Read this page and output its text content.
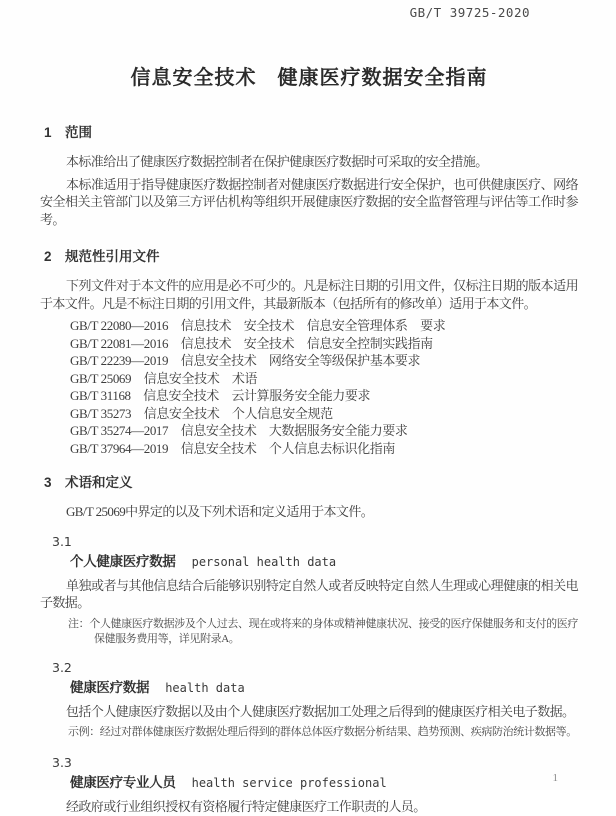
GB/T 39725-2020
信息安全技术　健康医疗数据安全指南
1　范围
本标准给出了健康医疗数据控制者在保护健康医疗数据时可采取的安全措施。
本标准适用于指导健康医疗数据控制者对健康医疗数据进行安全保护，也可供健康医疗、网络安全相关主管部门以及第三方评估机构等组织开展健康医疗数据的安全监督管理与评估等工作时参考。
2　规范性引用文件
下列文件对于本文件的应用是必不可少的。凡是标注日期的引用文件，仅标注日期的版本适用于本文件。凡是不标注日期的引用文件，其最新版本（包括所有的修改单）适用于本文件。
GB/T 22080—2016　信息技术　安全技术　信息安全管理体系　要求
GB/T 22081—2016　信息技术　安全技术　信息安全控制实践指南
GB/T 22239—2019　信息安全技术　网络安全等级保护基本要求
GB/T 25069　信息安全技术　术语
GB/T 31168　信息安全技术　云计算服务安全能力要求
GB/T 35273　信息安全技术　个人信息安全规范
GB/T 35274—2017　信息安全技术　大数据服务安全能力要求
GB/T 37964—2019　信息安全技术　个人信息去标识化指南
3　术语和定义
GB/T 25069中界定的以及下列术语和定义适用于本文件。
3.1
个人健康医疗数据 personal health data
单独或者与其他信息结合后能够识别特定自然人或者反映特定自然人生理或心理健康的相关电子数据。
注：个人健康医疗数据涉及个人过去、现在或将来的身体或精神健康状况、接受的医疗保健服务和支付的医疗保健服务费用等，详见附录A。
3.2
健康医疗数据 health data
包括个人健康医疗数据以及由个人健康医疗数据加工处理之后得到的健康医疗相关电子数据。
示例：经过对群体健康医疗数据处理后得到的群体总体医疗数据分析结果、趋势预测、疾病防治统计数据等。
3.3
健康医疗专业人员 health service professional
经政府或行业组织授权有资格履行特定健康医疗工作职责的人员。
1
